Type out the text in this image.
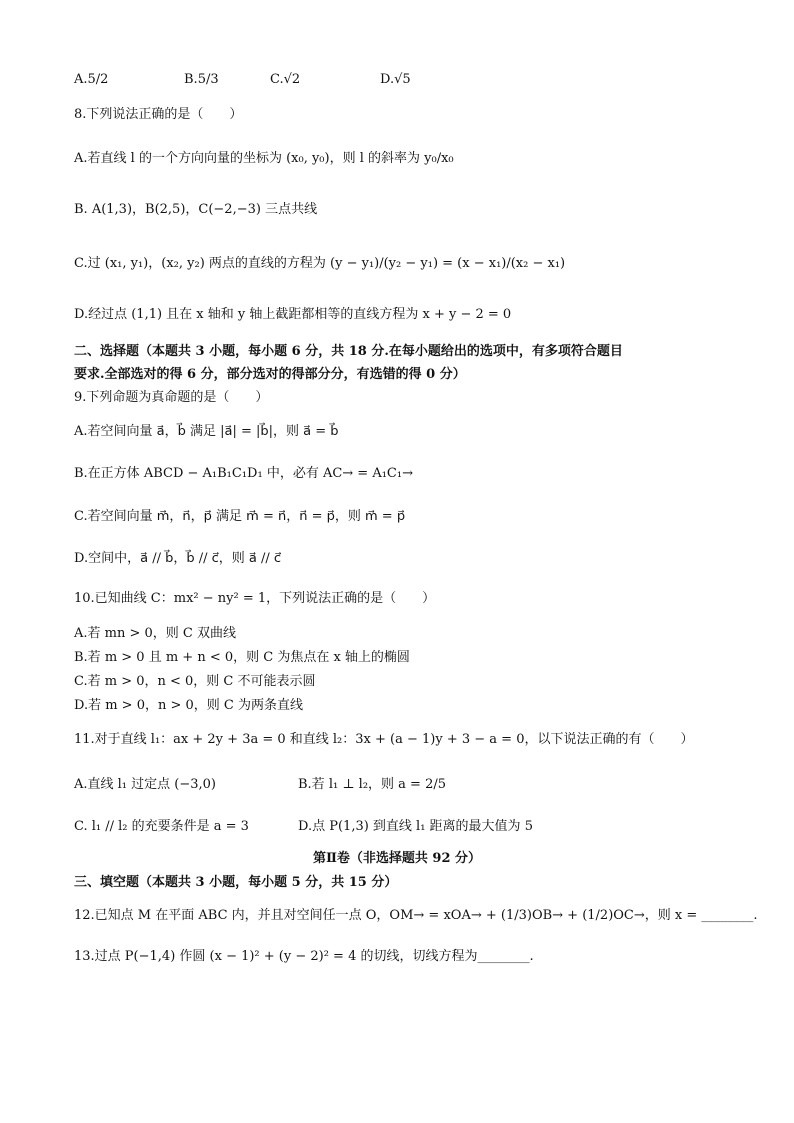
A.5/2	B.5/3	C.√2	D.√5
8.下列说法正确的是（　　）
A.若直线 l 的一个方向向量的坐标为 (x₀, y₀)，则 l 的斜率为 y₀/x₀
B. A(1,3)，B(2,5)，C(−2,−3) 三点共线
C.过 (x₁, y₁)，(x₂, y₂) 两点的直线的方程为 (y − y₁)/(y₂ − y₁) = (x − x₁)/(x₂ − x₁)
D.经过点 (1,1) 且在 x 轴和 y 轴上截距都相等的直线方程为 x + y − 2 = 0
二、选择题（本题共 3 小题，每小题 6 分，共 18 分.在每小题给出的选项中，有多项符合题目
要求.全部选对的得 6 分，部分选对的得部分分，有选错的得 0 分）
9.下列命题为真命题的是（　　）
A.若空间向量 a⃗，b⃗ 满足 |a⃗| = |b⃗|，则 a⃗ = b⃗
B.在正方体 ABCD − A₁B₁C₁D₁ 中，必有 AC→ = A₁C₁→
C.若空间向量 m⃗，n⃗，p⃗ 满足 m⃗ = n⃗，n⃗ = p⃗，则 m⃗ = p⃗
D.空间中，a⃗ // b⃗，b⃗ // c⃗，则 a⃗ // c⃗
10.已知曲线 C：mx² − ny² = 1，下列说法正确的是（　　）
A.若 mn > 0，则 C 双曲线
B.若 m > 0 且 m + n < 0，则 C 为焦点在 x 轴上的椭圆
C.若 m > 0，n < 0，则 C 不可能表示圆
D.若 m > 0，n > 0，则 C 为两条直线
11.对于直线 l₁：ax + 2y + 3a = 0 和直线 l₂：3x + (a − 1)y + 3 − a = 0，以下说法正确的有（　　）
A.直线 l₁ 过定点 (−3,0)	B.若 l₁ ⊥ l₂，则 a = 2/5
C. l₁ // l₂ 的充要条件是 a = 3	D.点 P(1,3) 到直线 l₁ 距离的最大值为 5
第Ⅱ卷（非选择题共 92 分）
三、填空题（本题共 3 小题，每小题 5 分，共 15 分）
12.已知点 M 在平面 ABC 内，并且对空间任一点 O，OM→ = xOA→ + (1/3)OB→ + (1/2)OC→，则 x = ________.
13.过点 P(−1,4) 作圆 (x − 1)² + (y − 2)² = 4 的切线，切线方程为________.
